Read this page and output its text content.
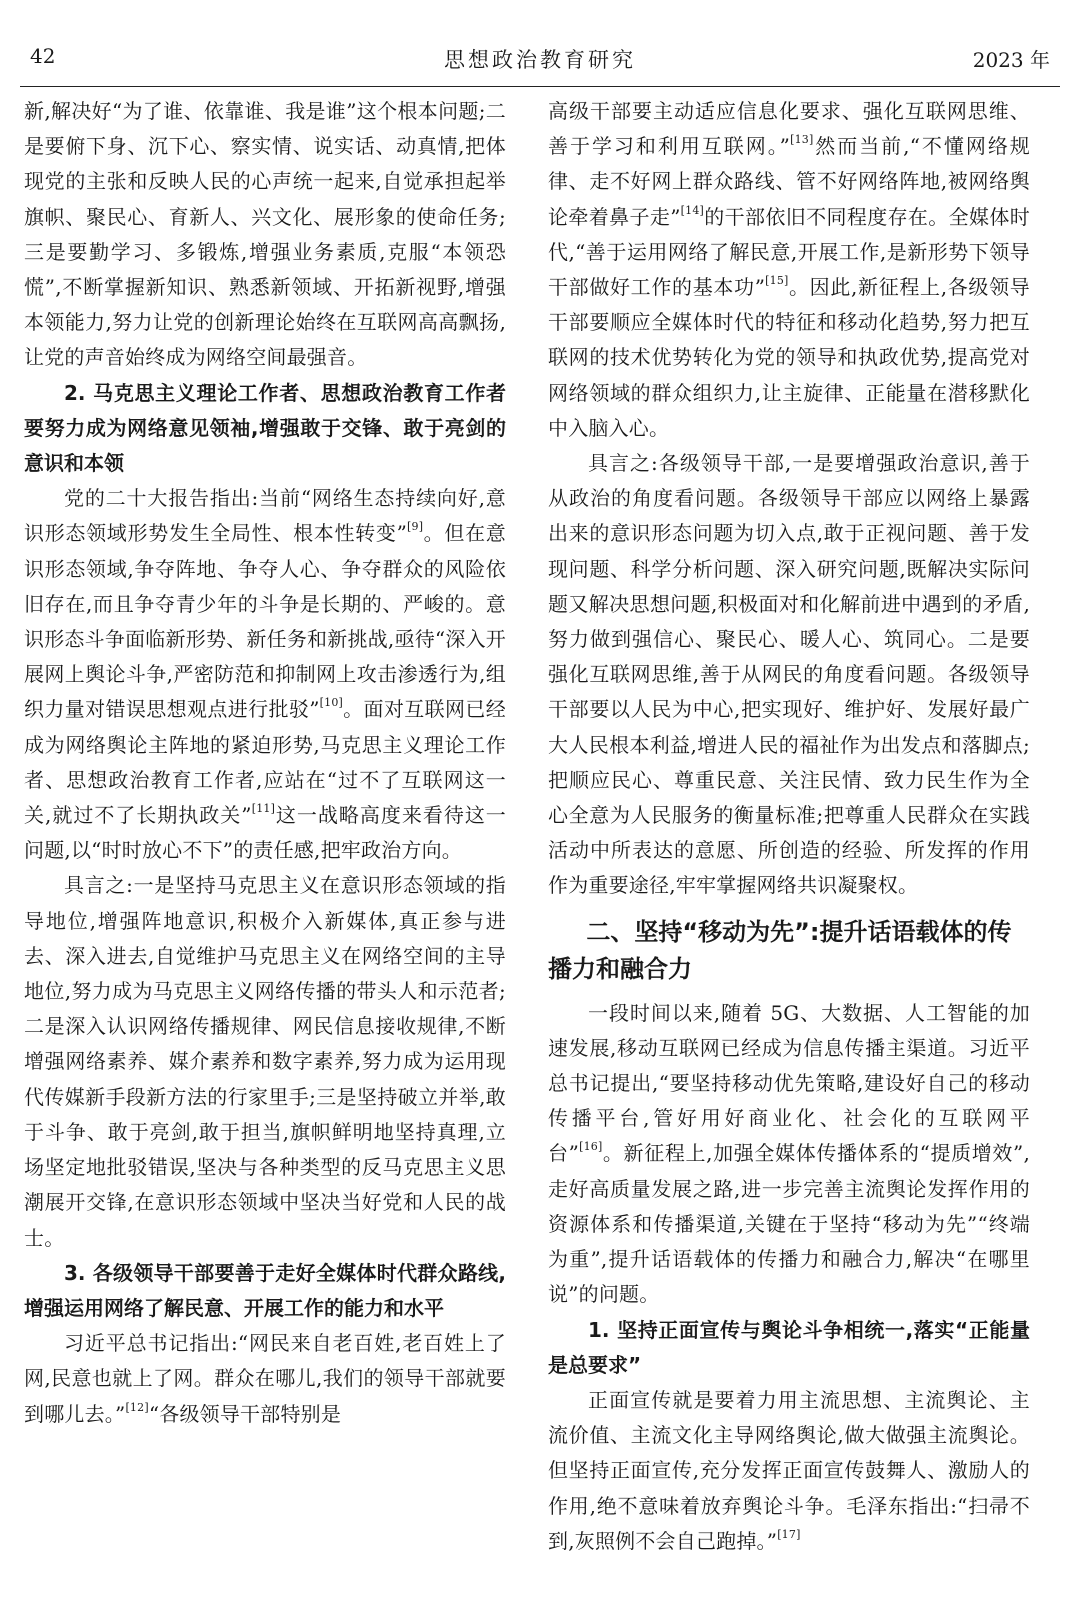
42	思想政治教育研究	2023 年

新,解决好“为了谁、依靠谁、我是谁”这个根本问题;二是要俯下身、沉下心、察实情、说实话、动真情,把体现党的主张和反映人民的心声统一起来,自觉承担起举旗帜、聚民心、育新人、兴文化、展形象的使命任务;三是要勤学习、多锻炼,增强业务素质,克服“本领恐慌”,不断掌握新知识、熟悉新领域、开拓新视野,增强本领能力,努力让党的创新理论始终在互联网高高飘扬,让党的声音始终成为网络空间最强音。

2. 马克思主义理论工作者、思想政治教育工作者要努力成为网络意见领袖,增强敢于交锋、敢于亮剑的意识和本领

党的二十大报告指出:当前“网络生态持续向好,意识形态领域形势发生全局性、根本性转变”[9]。但在意识形态领域,争夺阵地、争夺人心、争夺群众的风险依旧存在,而且争夺青少年的斗争是长期的、严峻的。意识形态斗争面临新形势、新任务和新挑战,亟待“深入开展网上舆论斗争,严密防范和抑制网上攻击渗透行为,组织力量对错误思想观点进行批驳”[10]。面对互联网已经成为网络舆论主阵地的紧迫形势,马克思主义理论工作者、思想政治教育工作者,应站在“过不了互联网这一关,就过不了长期执政关”[11]这一战略高度来看待这一问题,以“时时放心不下”的责任感,把牢政治方向。

具言之:一是坚持马克思主义在意识形态领域的指导地位,增强阵地意识,积极介入新媒体,真正参与进去、深入进去,自觉维护马克思主义在网络空间的主导地位,努力成为马克思主义网络传播的带头人和示范者;二是深入认识网络传播规律、网民信息接收规律,不断增强网络素养、媒介素养和数字素养,努力成为运用现代传媒新手段新方法的行家里手;三是坚持破立并举,敢于斗争、敢于亮剑,敢于担当,旗帜鲜明地坚持真理,立场坚定地批驳错误,坚决与各种类型的反马克思主义思潮展开交锋,在意识形态领域中坚决当好党和人民的战士。

3. 各级领导干部要善于走好全媒体时代群众路线,增强运用网络了解民意、开展工作的能力和水平

习近平总书记指出:“网民来自老百姓,老百姓上了网,民意也就上了网。群众在哪儿,我们的领导干部就要到哪儿去。”[12]“各级领导干部特别是

高级干部要主动适应信息化要求、强化互联网思维、善于学习和利用互联网。”[13]然而当前,“不懂网络规律、走不好网上群众路线、管不好网络阵地,被网络舆论牵着鼻子走”[14]的干部依旧不同程度存在。全媒体时代,“善于运用网络了解民意,开展工作,是新形势下领导干部做好工作的基本功”[15]。因此,新征程上,各级领导干部要顺应全媒体时代的特征和移动化趋势,努力把互联网的技术优势转化为党的领导和执政优势,提高党对网络领域的群众组织力,让主旋律、正能量在潜移默化中入脑入心。

具言之:各级领导干部,一是要增强政治意识,善于从政治的角度看问题。各级领导干部应以网络上暴露出来的意识形态问题为切入点,敢于正视问题、善于发现问题、科学分析问题、深入研究问题,既解决实际问题又解决思想问题,积极面对和化解前进中遇到的矛盾,努力做到强信心、聚民心、暖人心、筑同心。二是要强化互联网思维,善于从网民的角度看问题。各级领导干部要以人民为中心,把实现好、维护好、发展好最广大人民根本利益,增进人民的福祉作为出发点和落脚点;把顺应民心、尊重民意、关注民情、致力民生作为全心全意为人民服务的衡量标准;把尊重人民群众在实践活动中所表达的意愿、所创造的经验、所发挥的作用作为重要途径,牢牢掌握网络共识凝聚权。

二、坚持“移动为先”:提升话语载体的传播力和融合力

一段时间以来,随着 5G、大数据、人工智能的加速发展,移动互联网已经成为信息传播主渠道。习近平总书记提出,“要坚持移动优先策略,建设好自己的移动传播平台,管好用好商业化、社会化的互联网平台”[16]。新征程上,加强全媒体传播体系的“提质增效”,走好高质量发展之路,进一步完善主流舆论发挥作用的资源体系和传播渠道,关键在于坚持“移动为先”“终端为重”,提升话语载体的传播力和融合力,解决“在哪里说”的问题。

1. 坚持正面宣传与舆论斗争相统一,落实“正能量是总要求”

正面宣传就是要着力用主流思想、主流舆论、主流价值、主流文化主导网络舆论,做大做强主流舆论。但坚持正面宣传,充分发挥正面宣传鼓舞人、激励人的作用,绝不意味着放弃舆论斗争。毛泽东指出:“扫帚不到,灰照例不会自己跑掉。”[17]
